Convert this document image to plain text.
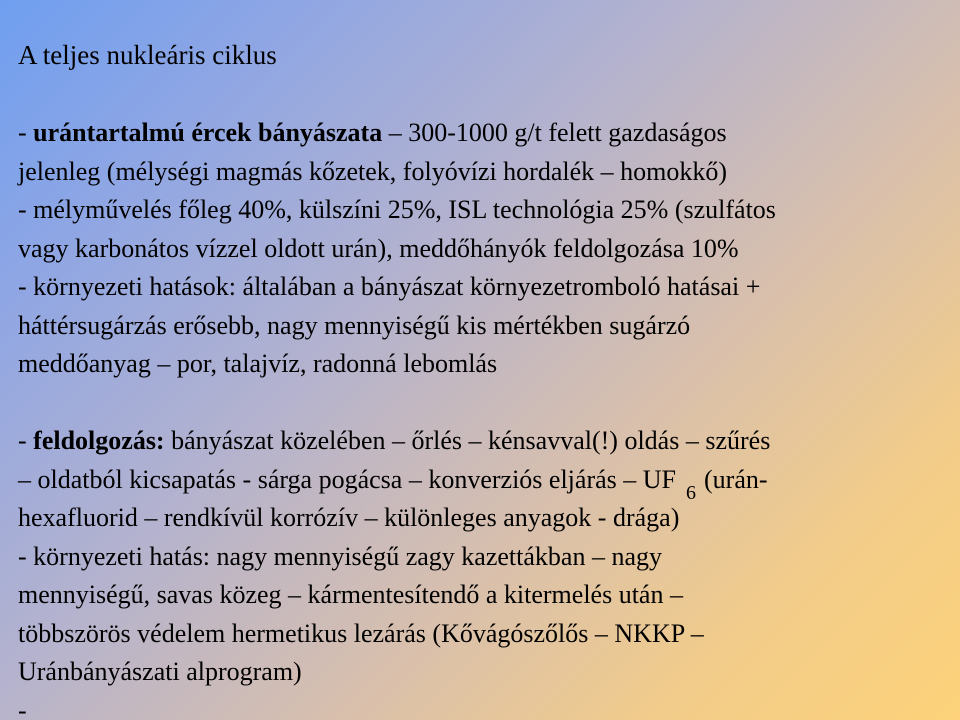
A teljes nukleáris ciklus
- urántartalmú ércek bányászata – 300-1000 g/t felett gazdaságos
jelenleg (mélységi magmás kőzetek, folyóvízi hordalék – homokkő)
- mélyművelés főleg 40%, külszíni 25%, ISL technológia 25% (szulfátos
vagy karbonátos vízzel oldott urán), meddőhányók feldolgozása 10%
- környezeti hatások: általában a bányászat környezetromboló hatásai +
háttérsugárzás erősebb, nagy mennyiségű kis mértékben sugárzó
meddőanyag – por, talajvíz, radonná lebomlás
- feldolgozás: bányászat közelében – őrlés – kénsavval(!) oldás – szűrés
– oldatból kicsapatás - sárga pogácsa – konverziós eljárás – UF $_6$ (urán-
hexafluorid – rendkívül korrózív – különleges anyagok - drága)
- környezeti hatás: nagy mennyiségű zagy kazettákban – nagy
mennyiségű, savas közeg – kármentesítendő a kitermelés után –
többszörös védelem hermetikus lezárás (Kővágószőlős – NKKP –
Uránbányászati alprogram)
-
